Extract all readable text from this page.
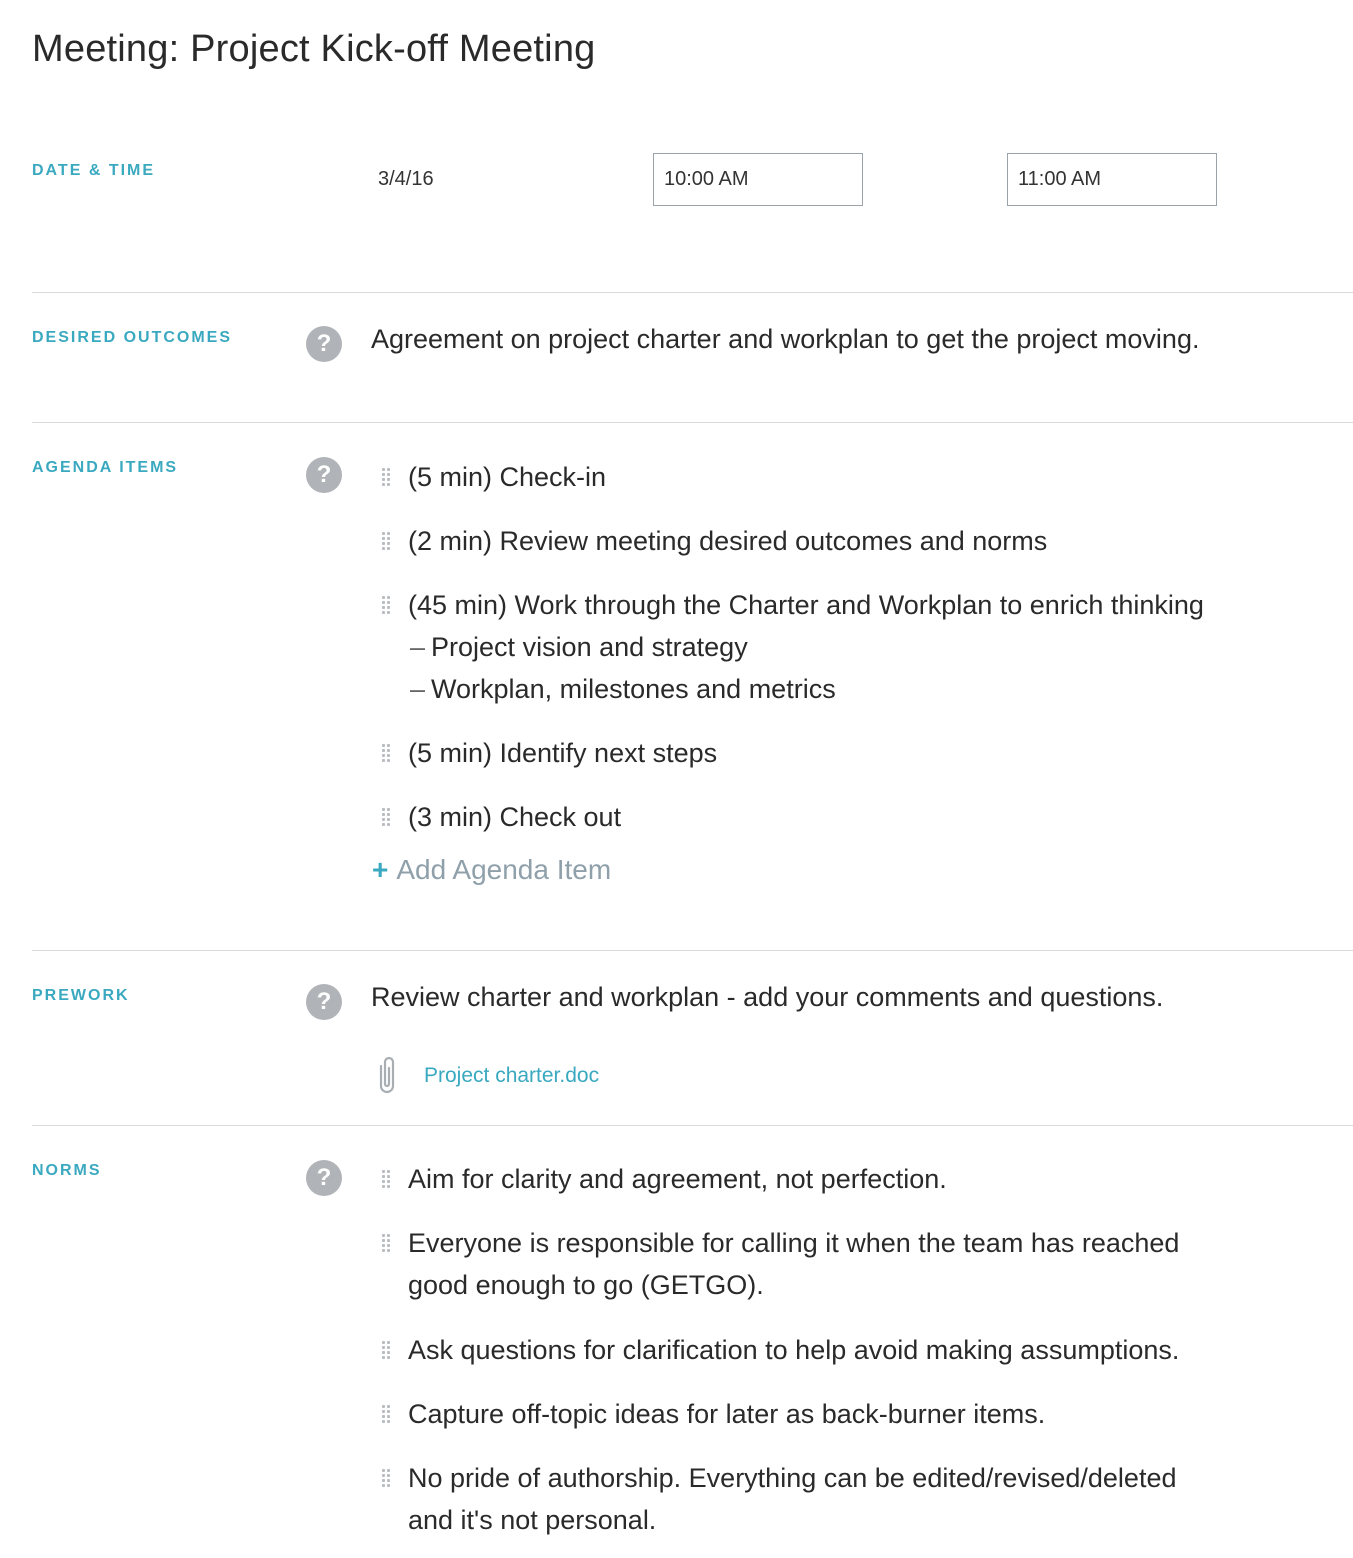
Meeting: Project Kick-off Meeting
DATE & TIME	3/4/16	10:00 AM	11:00 AM
DESIRED OUTCOMES	?	Agreement on project charter and workplan to get the project moving.
AGENDA ITEMS	?	(5 min) Check-in
(2 min) Review meeting desired outcomes and norms
(45 min) Work through the Charter and Workplan to enrich thinking
– Project vision and strategy
– Workplan, milestones and metrics
(5 min) Identify next steps
(3 min) Check out
+ Add Agenda Item
PREWORK	?	Review charter and workplan - add your comments and questions.
Project charter.doc
NORMS	?	Aim for clarity and agreement, not perfection.
Everyone is responsible for calling it when the team has reached
good enough to go (GETGO).
Ask questions for clarification to help avoid making assumptions.
Capture off-topic ideas for later as back-burner items.
No pride of authorship. Everything can be edited/revised/deleted
and it's not personal.
